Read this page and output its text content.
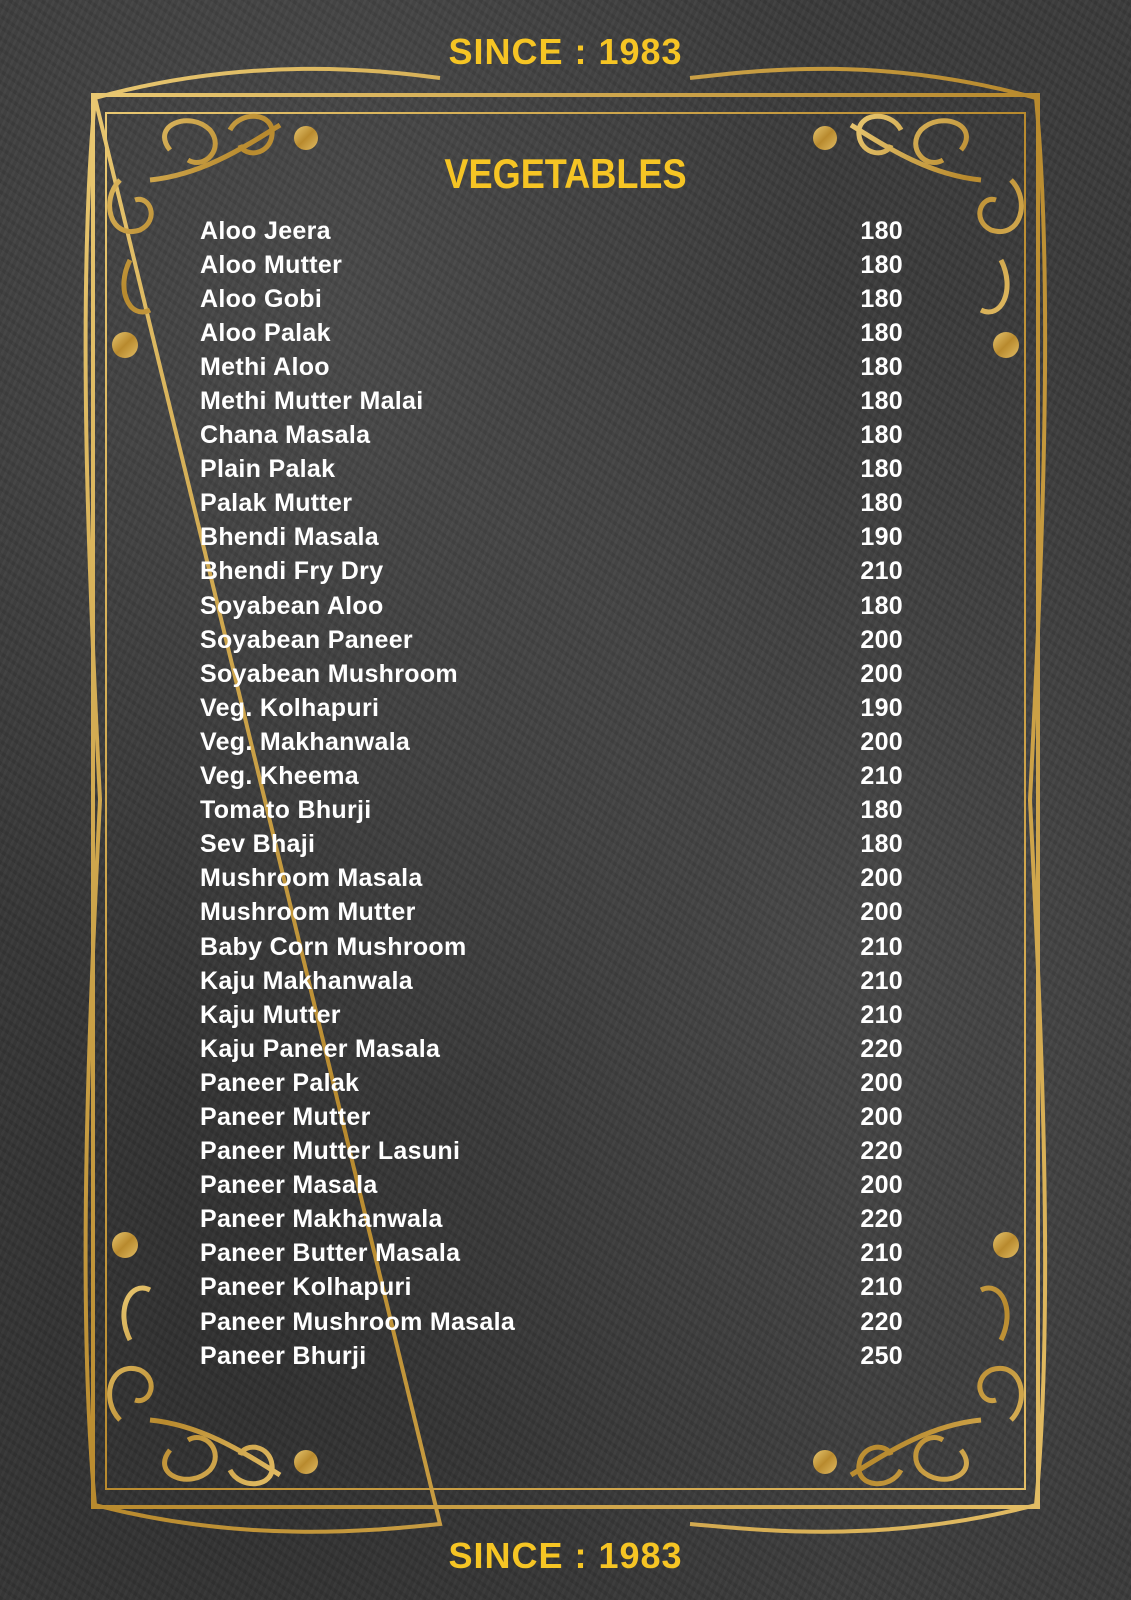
SINCE : 1983
VEGETABLES
Aloo Jeera	180
Aloo Mutter	180
Aloo Gobi	180
Aloo Palak	180
Methi Aloo	180
Methi Mutter Malai	180
Chana Masala	180
Plain Palak	180
Palak Mutter	180
Bhendi Masala	190
Bhendi Fry Dry	210
Soyabean Aloo	180
Soyabean Paneer	200
Soyabean Mushroom	200
Veg. Kolhapuri	190
Veg. Makhanwala	200
Veg. Kheema	210
Tomato Bhurji	180
Sev Bhaji	180
Mushroom Masala	200
Mushroom Mutter	200
Baby Corn Mushroom	210
Kaju Makhanwala	210
Kaju Mutter	210
Kaju Paneer Masala	220
Paneer Palak	200
Paneer Mutter	200
Paneer Mutter Lasuni	220
Paneer Masala	200
Paneer Makhanwala	220
Paneer Butter Masala	210
Paneer Kolhapuri	210
Paneer Mushroom Masala	220
Paneer Bhurji	250
SINCE : 1983
